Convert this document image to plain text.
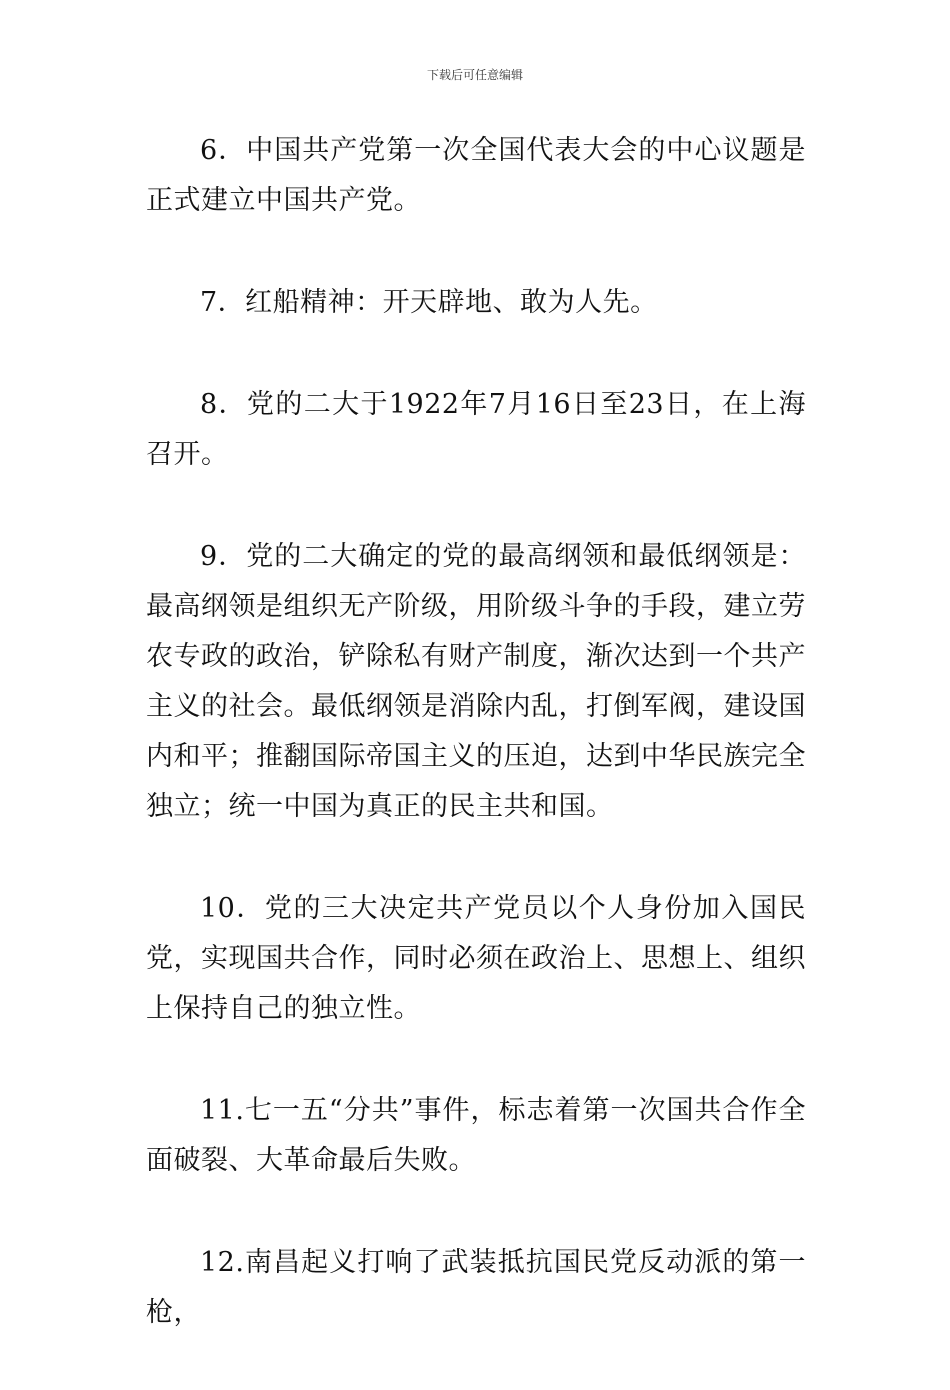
下载后可任意编辑

6．中国共产党第一次全国代表大会的中心议题是正式建立中国共产党。

7．红船精神：开天辟地、敢为人先。

8．党的二大于1922年7月16日至23日，在上海召开。

9．党的二大确定的党的最高纲领和最低纲领是：最高纲领是组织无产阶级，用阶级斗争的手段，建立劳农专政的政治，铲除私有财产制度，渐次达到一个共产主义的社会。最低纲领是消除内乱，打倒军阀，建设国内和平；推翻国际帝国主义的压迫，达到中华民族完全独立；统一中国为真正的民主共和国。

10．党的三大决定共产党员以个人身份加入国民党，实现国共合作，同时必须在政治上、思想上、组织上保持自己的独立性。

11.七一五“分共”事件，标志着第一次国共合作全面破裂、大革命最后失败。

12.南昌起义打响了武装抵抗国民党反动派的第一枪，
